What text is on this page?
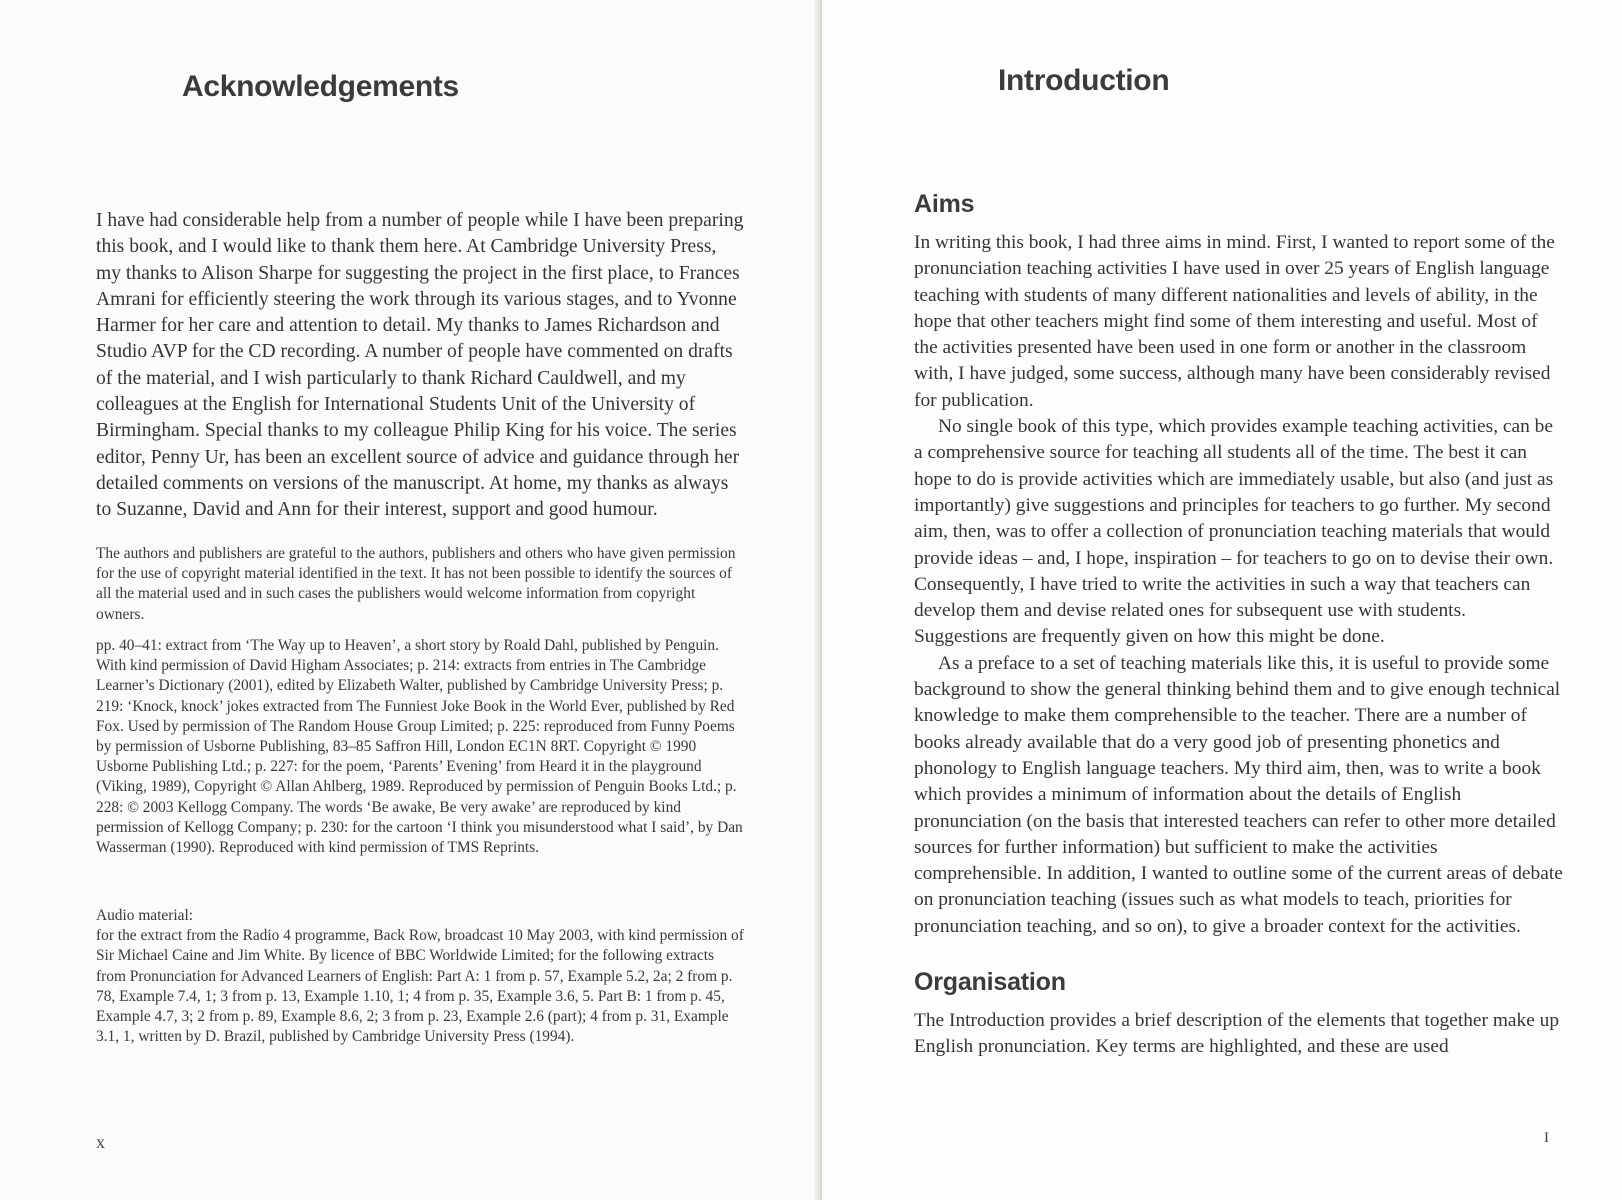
Acknowledgements

I have had considerable help from a number of people while I have been preparing this book, and I would like to thank them here. At Cambridge University Press, my thanks to Alison Sharpe for suggesting the project in the first place, to Frances Amrani for efficiently steering the work through its various stages, and to Yvonne Harmer for her care and attention to detail. My thanks to James Richardson and Studio AVP for the CD recording. A number of people have commented on drafts of the material, and I wish particularly to thank Richard Cauldwell, and my colleagues at the English for International Students Unit of the University of Birmingham. Special thanks to my colleague Philip King for his voice. The series editor, Penny Ur, has been an excellent source of advice and guidance through her detailed comments on versions of the manuscript. At home, my thanks as always to Suzanne, David and Ann for their interest, support and good humour.

The authors and publishers are grateful to the authors, publishers and others who have given permission for the use of copyright material identified in the text. It has not been possible to identify the sources of all the material used and in such cases the publishers would welcome information from copyright owners.

pp. 40–41: extract from ‘The Way up to Heaven’, a short story by Roald Dahl, published by Penguin. With kind permission of David Higham Associates; p. 214: extracts from entries in The Cambridge Learner’s Dictionary (2001), edited by Elizabeth Walter, published by Cambridge University Press; p. 219: ‘Knock, knock’ jokes extracted from The Funniest Joke Book in the World Ever, published by Red Fox. Used by permission of The Random House Group Limited; p. 225: reproduced from Funny Poems by permission of Usborne Publishing, 83–85 Saffron Hill, London EC1N 8RT. Copyright © 1990 Usborne Publishing Ltd.; p. 227: for the poem, ‘Parents’ Evening’ from Heard it in the playground (Viking, 1989), Copyright © Allan Ahlberg, 1989. Reproduced by permission of Penguin Books Ltd.; p. 228: © 2003 Kellogg Company. The words ‘Be awake, Be very awake’ are reproduced by kind permission of Kellogg Company; p. 230: for the cartoon ‘I think you misunderstood what I said’, by Dan Wasserman (1990). Reproduced with kind permission of TMS Reprints.

Audio material:
for the extract from the Radio 4 programme, Back Row, broadcast 10 May 2003, with kind permission of Sir Michael Caine and Jim White. By licence of BBC Worldwide Limited; for the following extracts from Pronunciation for Advanced Learners of English: Part A: 1 from p. 57, Example 5.2, 2a; 2 from p. 78, Example 7.4, 1; 3 from p. 13, Example 1.10, 1; 4 from p. 35, Example 3.6, 5. Part B: 1 from p. 45, Example 4.7, 3; 2 from p. 89, Example 8.6, 2; 3 from p. 23, Example 2.6 (part); 4 from p. 31, Example 3.1, 1, written by D. Brazil, published by Cambridge University Press (1994).
x
Introduction
Aims

In writing this book, I had three aims in mind. First, I wanted to report some of the pronunciation teaching activities I have used in over 25 years of English language teaching with students of many different nationalities and levels of ability, in the hope that other teachers might find some of them interesting and useful. Most of the activities presented have been used in one form or another in the classroom with, I have judged, some success, although many have been considerably revised for publication.

No single book of this type, which provides example teaching activities, can be a comprehensive source for teaching all students all of the time. The best it can hope to do is provide activities which are immediately usable, but also (and just as importantly) give suggestions and principles for teachers to go further. My second aim, then, was to offer a collection of pronunciation teaching materials that would provide ideas – and, I hope, inspiration – for teachers to go on to devise their own. Consequently, I have tried to write the activities in such a way that teachers can develop them and devise related ones for subsequent use with students. Suggestions are frequently given on how this might be done.

As a preface to a set of teaching materials like this, it is useful to provide some background to show the general thinking behind them and to give enough technical knowledge to make them comprehensible to the teacher. There are a number of books already available that do a very good job of presenting phonetics and phonology to English language teachers. My third aim, then, was to write a book which provides a minimum of information about the details of English pronunciation (on the basis that interested teachers can refer to other more detailed sources for further information) but sufficient to make the activities comprehensible. In addition, I wanted to outline some of the current areas of debate on pronunciation teaching (issues such as what models to teach, priorities for pronunciation teaching, and so on), to give a broader context for the activities.

Organisation

The Introduction provides a brief description of the elements that together make up English pronunciation. Key terms are highlighted, and these are used

I
